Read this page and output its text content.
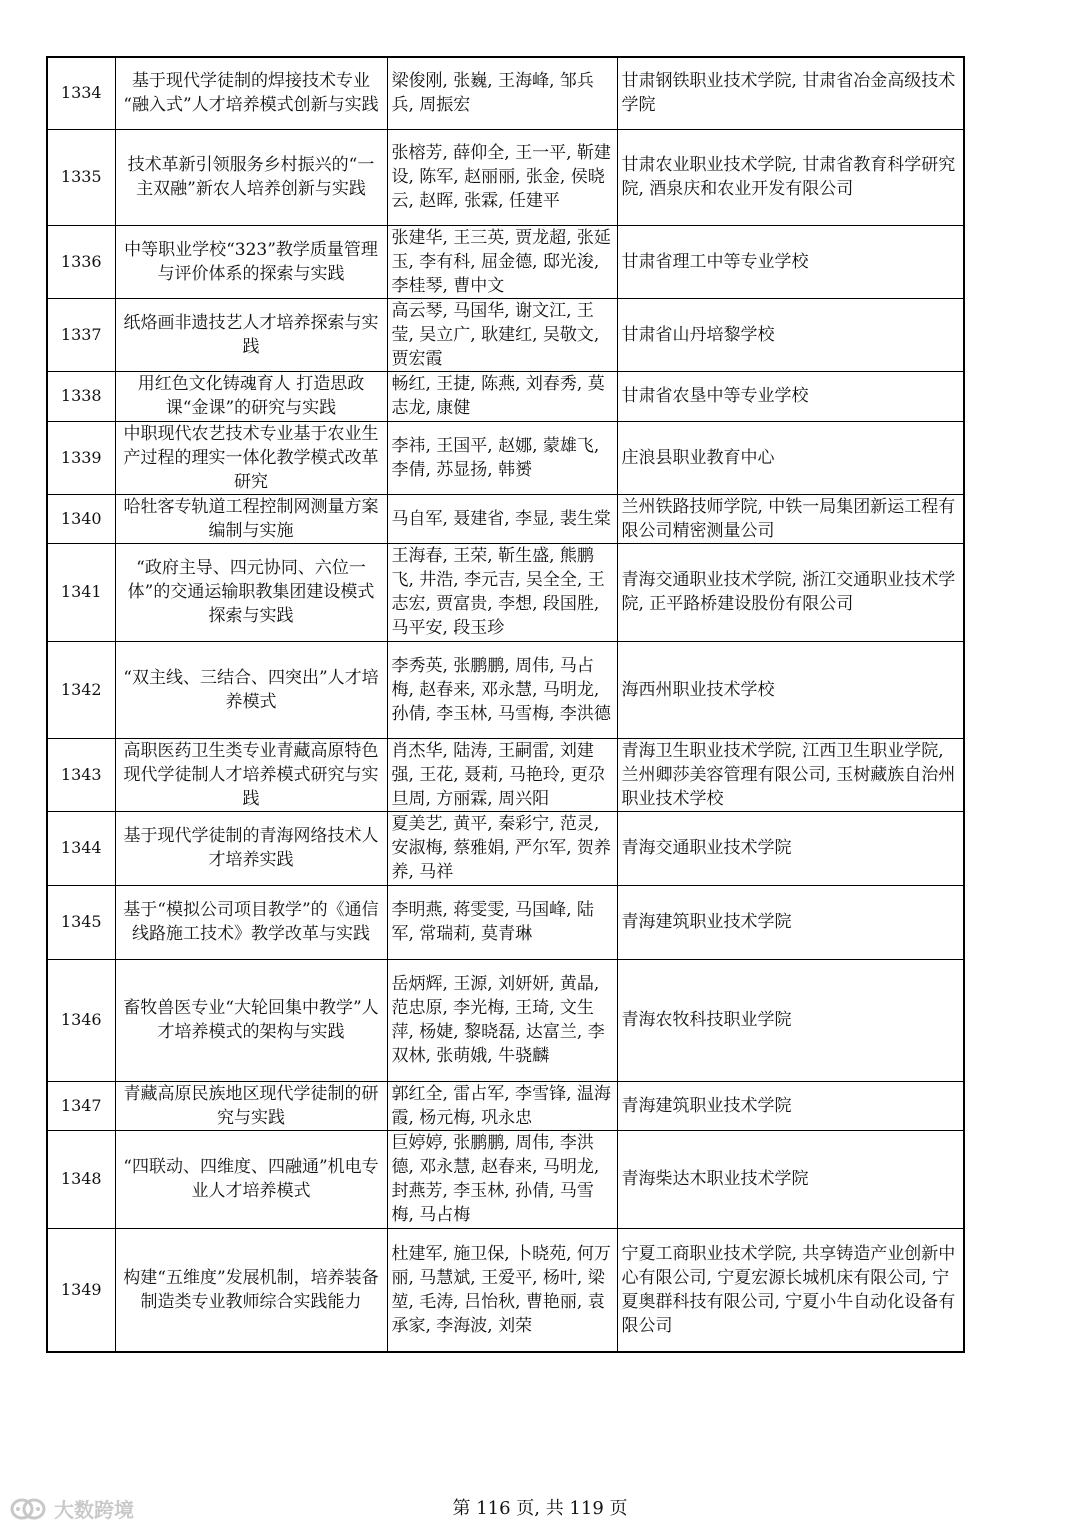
1334	基于现代学徒制的焊接技术专业 “融入式”人才培养模式创新与实践	梁俊刚, 张巍, 王海峰, 邹兵兵, 周振宏	甘肃钢铁职业技术学院, 甘肃省冶金高级技术学院
1335	技术革新引领服务乡村振兴的“一主双融”新农人培养创新与实践	张榕芳, 薛仰全, 王一平, 靳建设, 陈军, 赵丽丽, 张金, 侯晓云, 赵晖, 张霖, 任建平	甘肃农业职业技术学院, 甘肃省教育科学研究院, 酒泉庆和农业开发有限公司
1336	中等职业学校“323”教学质量管理与评价体系的探索与实践	张建华, 王三英, 贾龙超, 张延玉, 李有科, 屈金德, 邸光浚, 李桂琴, 曹中文	甘肃省理工中等专业学校
1337	纸烙画非遗技艺人才培养探索与实践	高云琴, 马国华, 谢文江, 王莹, 吴立广, 耿建红, 吴敬文, 贾宏霞	甘肃省山丹培黎学校
1338	用红色文化铸魂育人 打造思政课“金课”的研究与实践	畅红, 王捷, 陈燕, 刘春秀, 莫志龙, 康健	甘肃省农垦中等专业学校
1339	中职现代农艺技术专业基于农业生产过程的理实一体化教学模式改革研究	李祎, 王国平, 赵娜, 蒙雄飞, 李倩, 苏显扬, 韩赟	庄浪县职业教育中心
1340	哈牡客专轨道工程控制网测量方案编制与实施	马自军, 聂建省, 李显, 裴生棠	兰州铁路技师学院, 中铁一局集团新运工程有限公司精密测量公司
1341	“政府主导、四元协同、六位一体”的交通运输职教集团建设模式探索与实践	王海春, 王荣, 靳生盛, 熊鹏飞, 井浩, 李元吉, 吴全全, 王志宏, 贾富贵, 李想, 段国胜, 马平安, 段玉珍	青海交通职业技术学院, 浙江交通职业技术学院, 正平路桥建设股份有限公司
1342	“双主线、三结合、四突出”人才培养模式	李秀英, 张鹏鹏, 周伟, 马占梅, 赵春来, 邓永慧, 马明龙, 孙倩, 李玉林, 马雪梅, 李洪德	海西州职业技术学校
1343	高职医药卫生类专业青藏高原特色现代学徒制人才培养模式研究与实践	肖杰华, 陆涛, 王嗣雷, 刘建强, 王花, 聂莉, 马艳玲, 更尕旦周, 方丽霖, 周兴阳	青海卫生职业技术学院, 江西卫生职业学院, 兰州卿莎美容管理有限公司, 玉树藏族自治州职业技术学校
1344	基于现代学徒制的青海网络技术人才培养实践	夏美艺, 黄平, 秦彩宁, 范灵, 安淑梅, 蔡雅娟, 严尔军, 贺养养, 马祥	青海交通职业技术学院
1345	基于“模拟公司项目教学”的《通信线路施工技术》教学改革与实践	李明燕, 蒋雯雯, 马国峰, 陆军, 常瑞莉, 莫青琳	青海建筑职业技术学院
1346	畜牧兽医专业“大轮回集中教学”人才培养模式的架构与实践	岳炳辉, 王源, 刘妍妍, 黄晶, 范忠原, 李光梅, 王琦, 文生萍, 杨婕, 黎晓磊, 达富兰, 李双林, 张萌娥, 牛骁麟	青海农牧科技职业学院
1347	青藏高原民族地区现代学徒制的研究与实践	郭红全, 雷占军, 李雪锋, 温海霞, 杨元梅, 巩永忠	青海建筑职业技术学院
1348	“四联动、四维度、四融通”机电专业人才培养模式	巨婷婷, 张鹏鹏, 周伟, 李洪德, 邓永慧, 赵春来, 马明龙, 封燕芳, 李玉林, 孙倩, 马雪梅, 马占梅	青海柴达木职业技术学院
1349	构建“五维度”发展机制，培养装备制造类专业教师综合实践能力	杜建军, 施卫保, 卜晓苑, 何万丽, 马慧斌, 王爱平, 杨叶, 梁堃, 毛涛, 吕怡秋, 曹艳丽, 袁承家, 李海波, 刘荣	宁夏工商职业技术学院, 共享铸造产业创新中心有限公司, 宁夏宏源长城机床有限公司, 宁夏奥群科技有限公司, 宁夏小牛自动化设备有限公司
大数跨境	第 116 页, 共 119 页
